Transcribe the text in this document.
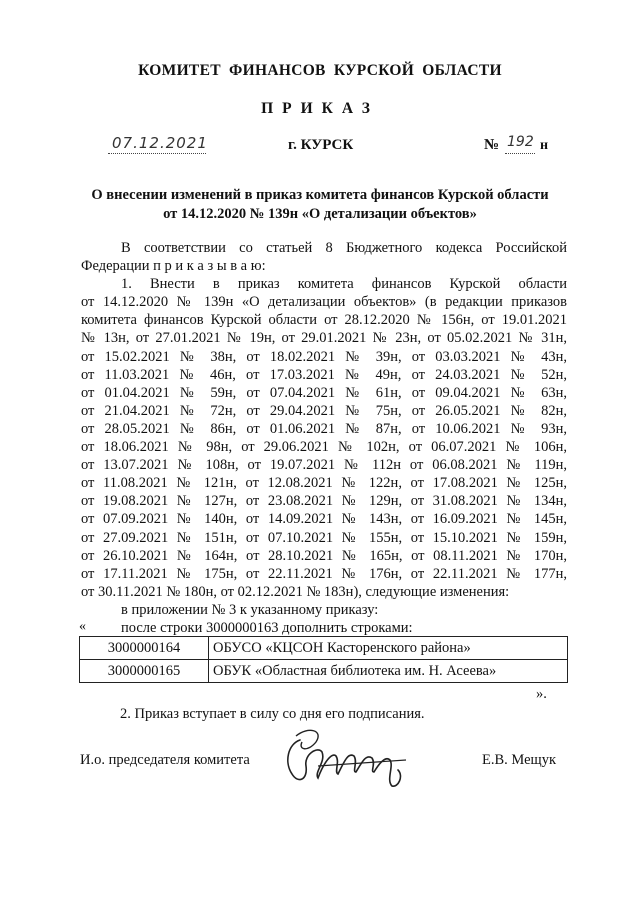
КОМИТЕТ ФИНАНСОВ КУРСКОЙ ОБЛАСТИ
ПРИКАЗ
07.12.2021	г. КУРСК	№ 192 н
О внесении изменений в приказ комитета финансов Курской области
от 14.12.2020 № 139н «О детализации объектов»

В соответствии со статьей 8 Бюджетного кодекса Российской

Федерации п р и к а з ы в а ю:

1. Внести в приказ комитета финансов Курской области

от 14.12.2020 № 139н «О детализации объектов» (в редакции приказов

комитета финансов Курской области от 28.12.2020 № 156н, от 19.01.2021

№ 13н, от 27.01.2021 № 19н, от 29.01.2021 № 23н, от 05.02.2021 № 31н,

от 15.02.2021 № 38н, от 18.02.2021 № 39н, от 03.03.2021 № 43н,

от 11.03.2021 № 46н, от 17.03.2021 № 49н, от 24.03.2021 № 52н,

от 01.04.2021 № 59н, от 07.04.2021 № 61н, от 09.04.2021 № 63н,

от 21.04.2021 № 72н, от 29.04.2021 № 75н, от 26.05.2021 № 82н,

от 28.05.2021 № 86н, от 01.06.2021 № 87н, от 10.06.2021 № 93н,

от 18.06.2021 № 98н, от 29.06.2021 № 102н, от 06.07.2021 № 106н,

от 13.07.2021 № 108н, от 19.07.2021 № 112н от 06.08.2021 № 119н,

от 11.08.2021 № 121н, от 12.08.2021 № 122н, от 17.08.2021 № 125н,

от 19.08.2021 № 127н, от 23.08.2021 № 129н, от 31.08.2021 № 134н,

от 07.09.2021 № 140н, от 14.09.2021 № 143н, от 16.09.2021 № 145н,

от 27.09.2021 № 151н, от 07.10.2021 № 155н, от 15.10.2021 № 159н,

от 26.10.2021 № 164н, от 28.10.2021 № 165н, от 08.11.2021 № 170н,

от 17.11.2021 № 175н, от 22.11.2021 № 176н, от 22.11.2021 № 177н,

от 30.11.2021 № 180н, от 02.12.2021 № 183н), следующие изменения:

в приложении № 3 к указанному приказу:

после строки 3000000163 дополнить строками:

«
3000000164	ОБУСО «КЦСОН Касторенского района»
3000000165	ОБУК «Областная библиотека им. Н. Асеева»
».
2. Приказ вступает в силу со дня его подписания.
И.о. председателя комитета	Е.В. Мещук
